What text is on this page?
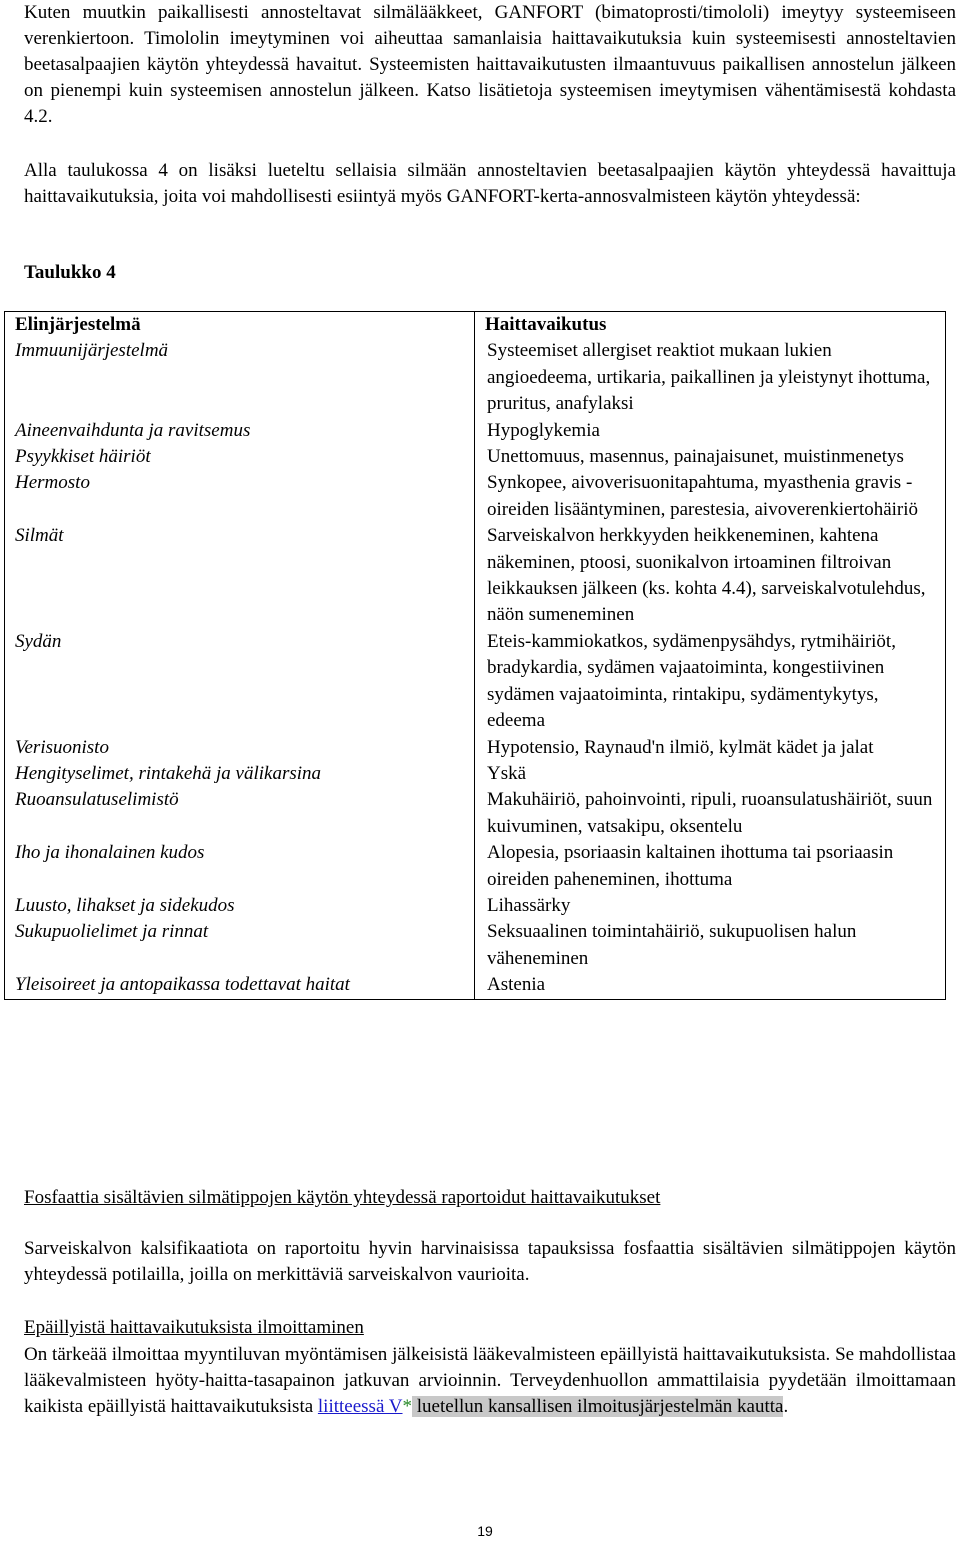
Kuten muutkin paikallisesti annosteltavat silmälääkkeet, GANFORT (bimatoprosti/timololi) imeytyy systeemiseen verenkiertoon. Timololin imeytyminen voi aiheuttaa samanlaisia haittavaikutuksia kuin systeemisesti annosteltavien beetasalpaajien käytön yhteydessä havaitut. Systeemisten haittavaikutusten ilmaantuvuus paikallisen annostelun jälkeen on pienempi kuin systeemisen annostelun jälkeen. Katso lisätietoja systeemisen imeytymisen vähentämisestä kohdasta 4.2.

Alla taulukossa 4 on lisäksi lueteltu sellaisia silmään annosteltavien beetasalpaajien käytön yhteydessä havaittuja haittavaikutuksia, joita voi mahdollisesti esiintyä myös GANFORT-kerta-annosvalmisteen käytön yhteydessä:

Taulukko 4

Elinjärjestelmä	Haittavaikutus
Immuunijärjestelmä	Systeemiset allergiset reaktiot mukaan lukien angioedeema, urtikaria, paikallinen ja yleistynyt ihottuma, pruritus, anafylaksi
Aineenvaihdunta ja ravitsemus	Hypoglykemia
Psyykkiset häiriöt	Unettomuus, masennus, painajaisunet, muistinmenetys
Hermosto	Synkopee, aivoverisuonitapahtuma, myasthenia gravis -oireiden lisääntyminen, parestesia, aivoverenkiertohäiriö
Silmät	Sarveiskalvon herkkyyden heikkeneminen, kahtena näkeminen, ptoosi, suonikalvon irtoaminen filtroivan leikkauksen jälkeen (ks. kohta 4.4), sarveiskalvotulehdus, näön sumeneminen
Sydän	Eteis-kammiokatkos, sydämenpysähdys, rytmihäiriöt, bradykardia, sydämen vajaatoiminta, kongestiivinen sydämen vajaatoiminta, rintakipu, sydämentykytys, edeema
Verisuonisto	Hypotensio, Raynaud'n ilmiö, kylmät kädet ja jalat
Hengityselimet, rintakehä ja välikarsina	Yskä
Ruoansulatuselimistö	Makuhäiriö, pahoinvointi, ripuli, ruoansulatushäiriöt, suun kuivuminen, vatsakipu, oksentelu
Iho ja ihonalainen kudos	Alopesia, psoriaasin kaltainen ihottuma tai psoriaasin oireiden paheneminen, ihottuma
Luusto, lihakset ja sidekudos	Lihassärky
Sukupuolielimet ja rinnat	Seksuaalinen toimintahäiriö, sukupuolisen halun väheneminen
Yleisoireet ja antopaikassa todettavat haitat	Astenia

Fosfaattia sisältävien silmätippojen käytön yhteydessä raportoidut haittavaikutukset

Sarveiskalvon kalsifikaatiota on raportoitu hyvin harvinaisissa tapauksissa fosfaattia sisältävien silmätippojen käytön yhteydessä potilailla, joilla on merkittäviä sarveiskalvon vaurioita.

Epäillyistä haittavaikutuksista ilmoittaminen

On tärkeää ilmoittaa myyntiluvan myöntämisen jälkeisistä lääkevalmisteen epäillyistä haittavaikutuksista. Se mahdollistaa lääkevalmisteen hyöty-haitta-tasapainon jatkuvan arvioinnin. Terveydenhuollon ammattilaisia pyydetään ilmoittamaan kaikista epäillyistä haittavaikutuksista liitteessä V* luetellun kansallisen ilmoitusjärjestelmän kautta.

19
